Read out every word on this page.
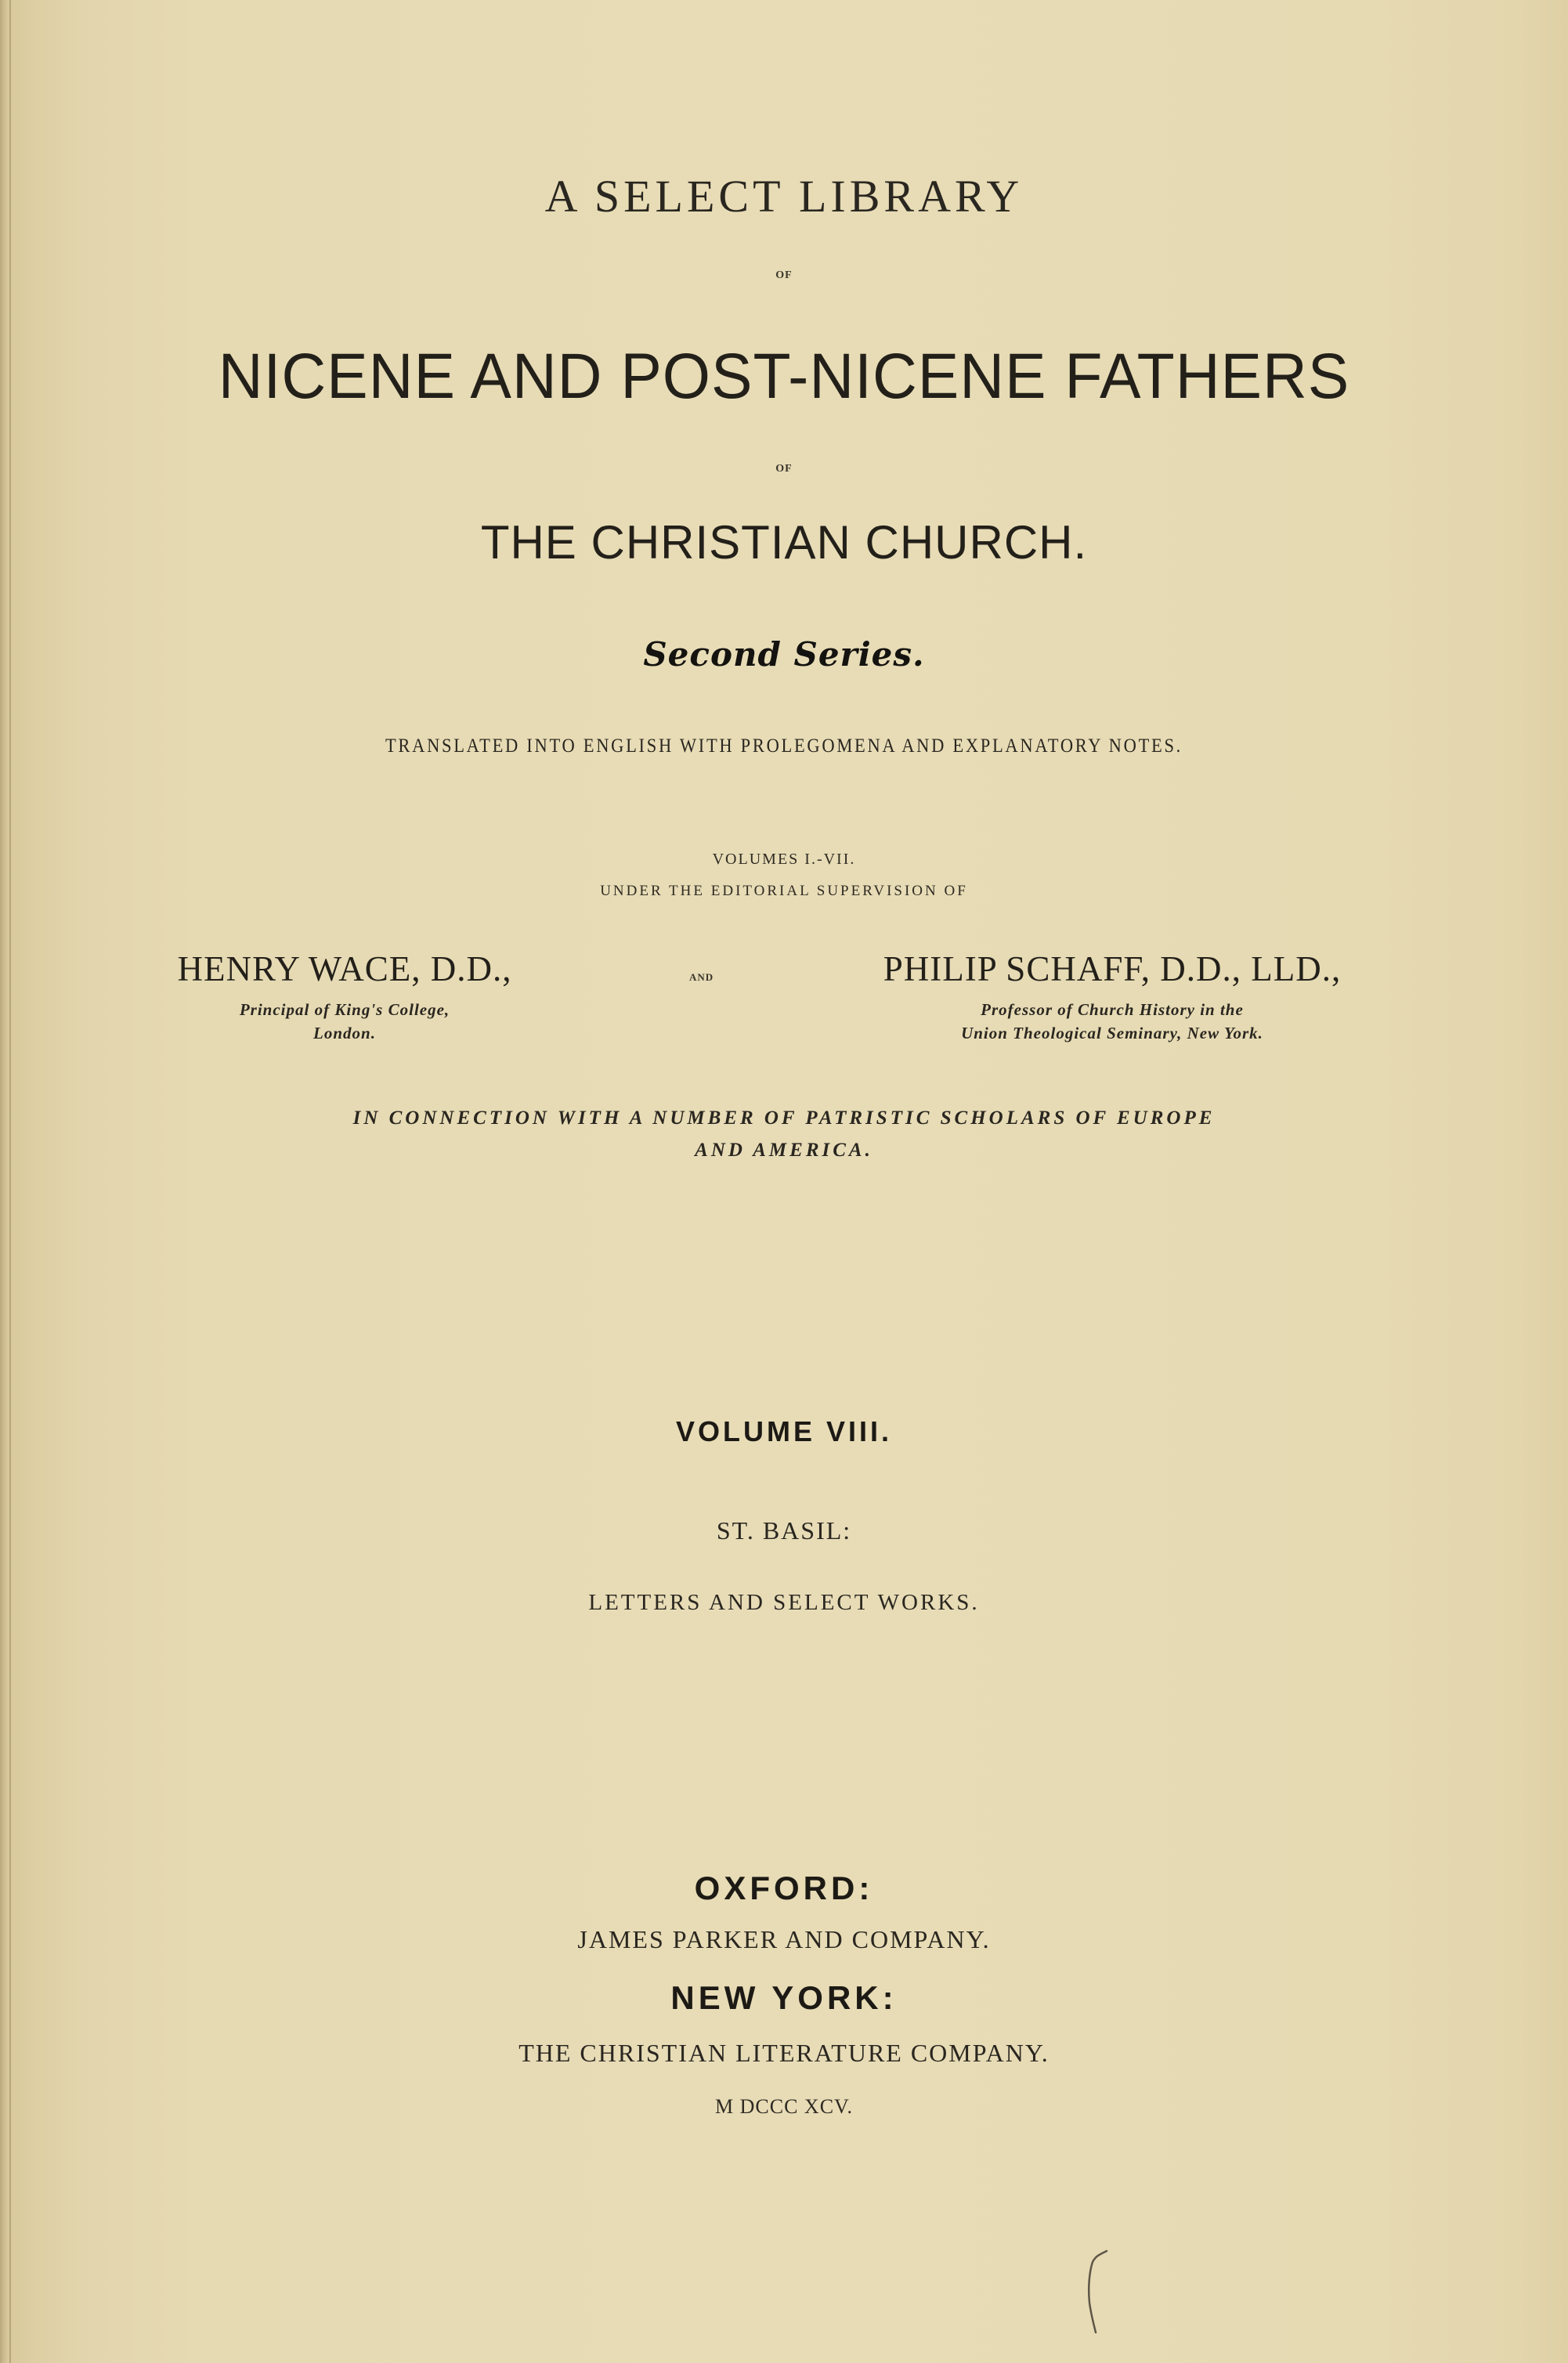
A SELECT LIBRARY
OF
NICENE AND POST-NICENE FATHERS
OF
THE CHRISTIAN CHURCH.
Second Series.
TRANSLATED INTO ENGLISH WITH PROLEGOMENA AND EXPLANATORY NOTES.
VOLUMES I.-VII.
UNDER THE EDITORIAL SUPERVISION OF
HENRY WACE, D.D.,
Principal of King's College,
London.
AND	PHILIP SCHAFF, D.D., LLD.,
Professor of Church History in the
Union Theological Seminary, New York.
IN CONNECTION WITH A NUMBER OF PATRISTIC SCHOLARS OF EUROPE
AND AMERICA.
VOLUME VIII.
ST. BASIL:
LETTERS AND SELECT WORKS.
OXFORD:
JAMES PARKER AND COMPANY.
NEW YORK:
THE CHRISTIAN LITERATURE COMPANY.
M DCCC XCV.
